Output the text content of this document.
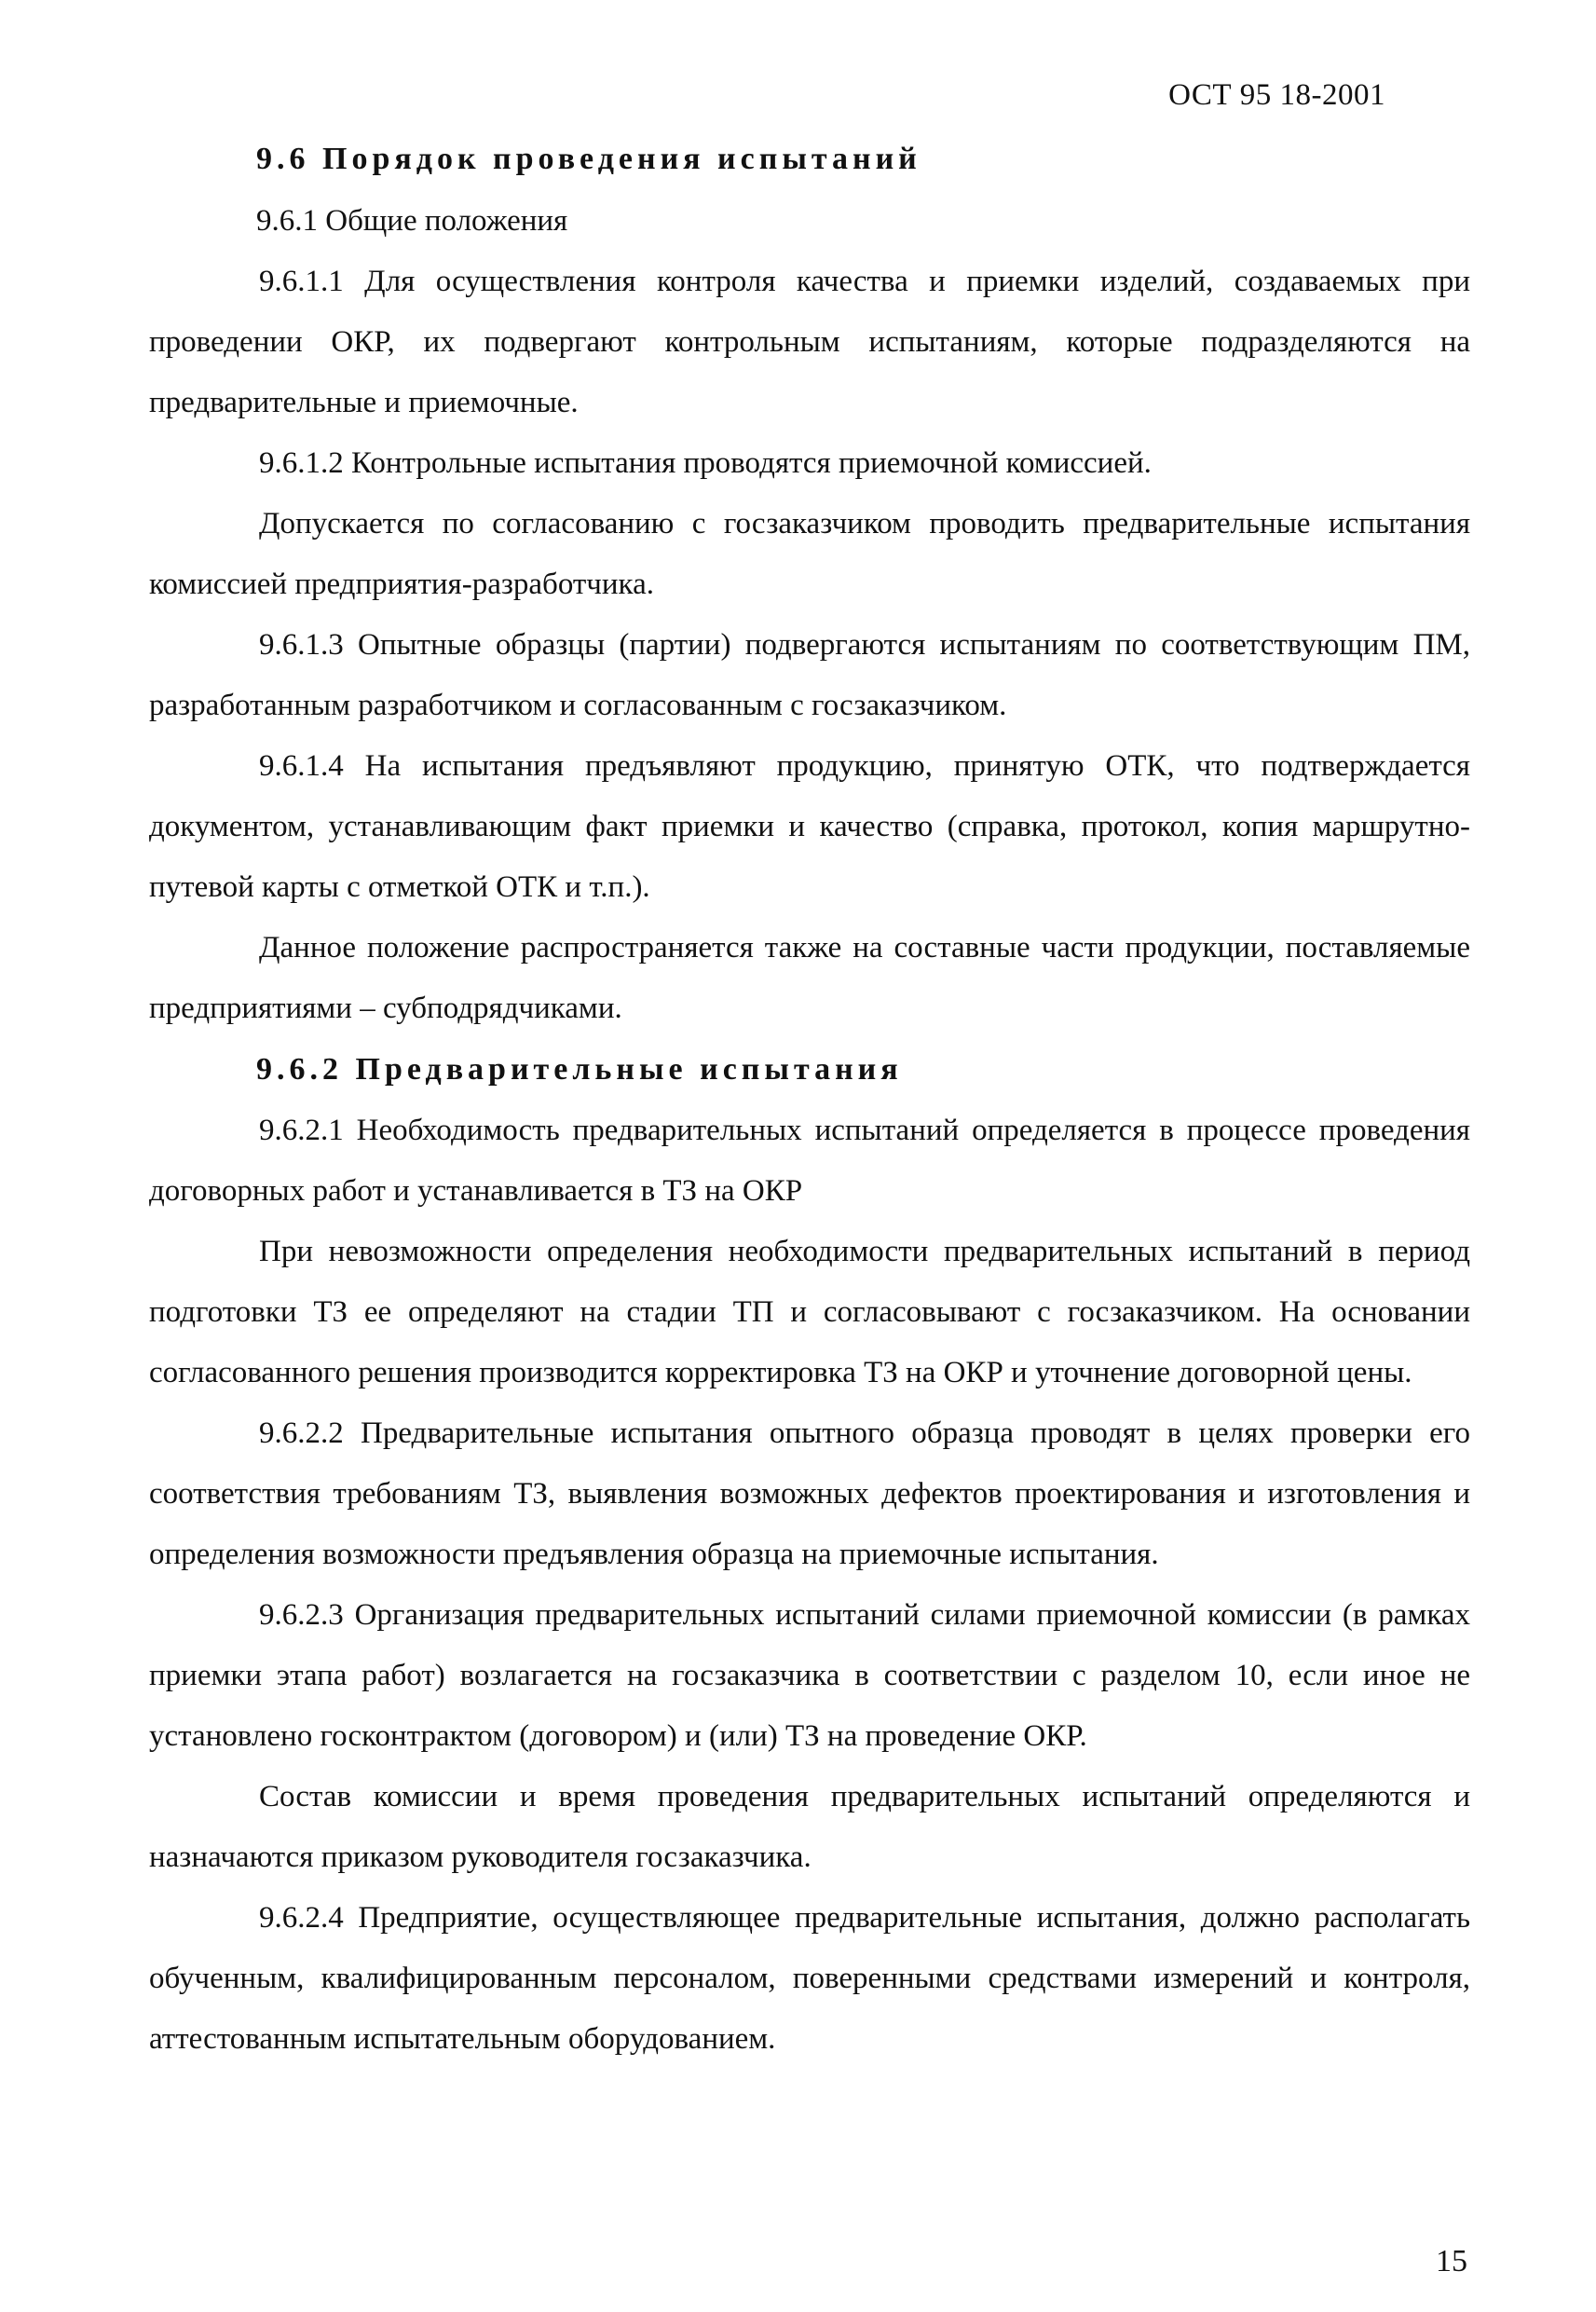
ОСТ 95 18-2001
9.6 Порядок проведения испытаний
9.6.1 Общие положения

9.6.1.1 Для осуществления контроля качества и приемки изделий, создаваемых при проведении ОКР, их подвергают контрольным испытаниям, которые подразделяются на предварительные и приемочные.

9.6.1.2 Контрольные испытания проводятся приемочной комиссией.

Допускается по согласованию с госзаказчиком проводить предварительные испытания комиссией предприятия-разработчика.

9.6.1.3 Опытные образцы (партии) подвергаются испытаниям по соответствующим ПМ, разработанным разработчиком и согласованным с госзаказчиком.

9.6.1.4 На испытания предъявляют продукцию, принятую ОТК, что подтверждается документом, устанавливающим факт приемки и качество (справка, протокол, копия маршрутно-путевой карты с отметкой ОТК и т.п.).

Данное положение распространяется также на составные части продукции, поставляемые предприятиями – субподрядчиками.

9.6.2 Предварительные испытания

9.6.2.1 Необходимость предварительных испытаний определяется в процессе проведения договорных работ и устанавливается в ТЗ на ОКР

При невозможности определения необходимости предварительных испытаний в период подготовки ТЗ ее определяют на стадии ТП и согласовывают с госзаказчиком. На основании согласованного решения производится корректировка ТЗ на ОКР и уточнение договорной цены.

9.6.2.2 Предварительные испытания опытного образца проводят в целях проверки его соответствия требованиям ТЗ, выявления возможных дефектов проектирования и изготовления и определения возможности предъявления образца на приемочные испытания.

9.6.2.3 Организация предварительных испытаний силами приемочной комиссии (в рамках приемки этапа работ) возлагается на госзаказчика в соответствии с разделом 10, если иное не установлено госконтрактом (договором) и (или) ТЗ на проведение ОКР.

Состав комиссии и время проведения предварительных испытаний определяются и назначаются приказом руководителя госзаказчика.

9.6.2.4 Предприятие, осуществляющее предварительные испытания, должно располагать обученным, квалифицированным персоналом, поверенными средствами измерений и контроля, аттестованным испытательным оборудованием.

15
